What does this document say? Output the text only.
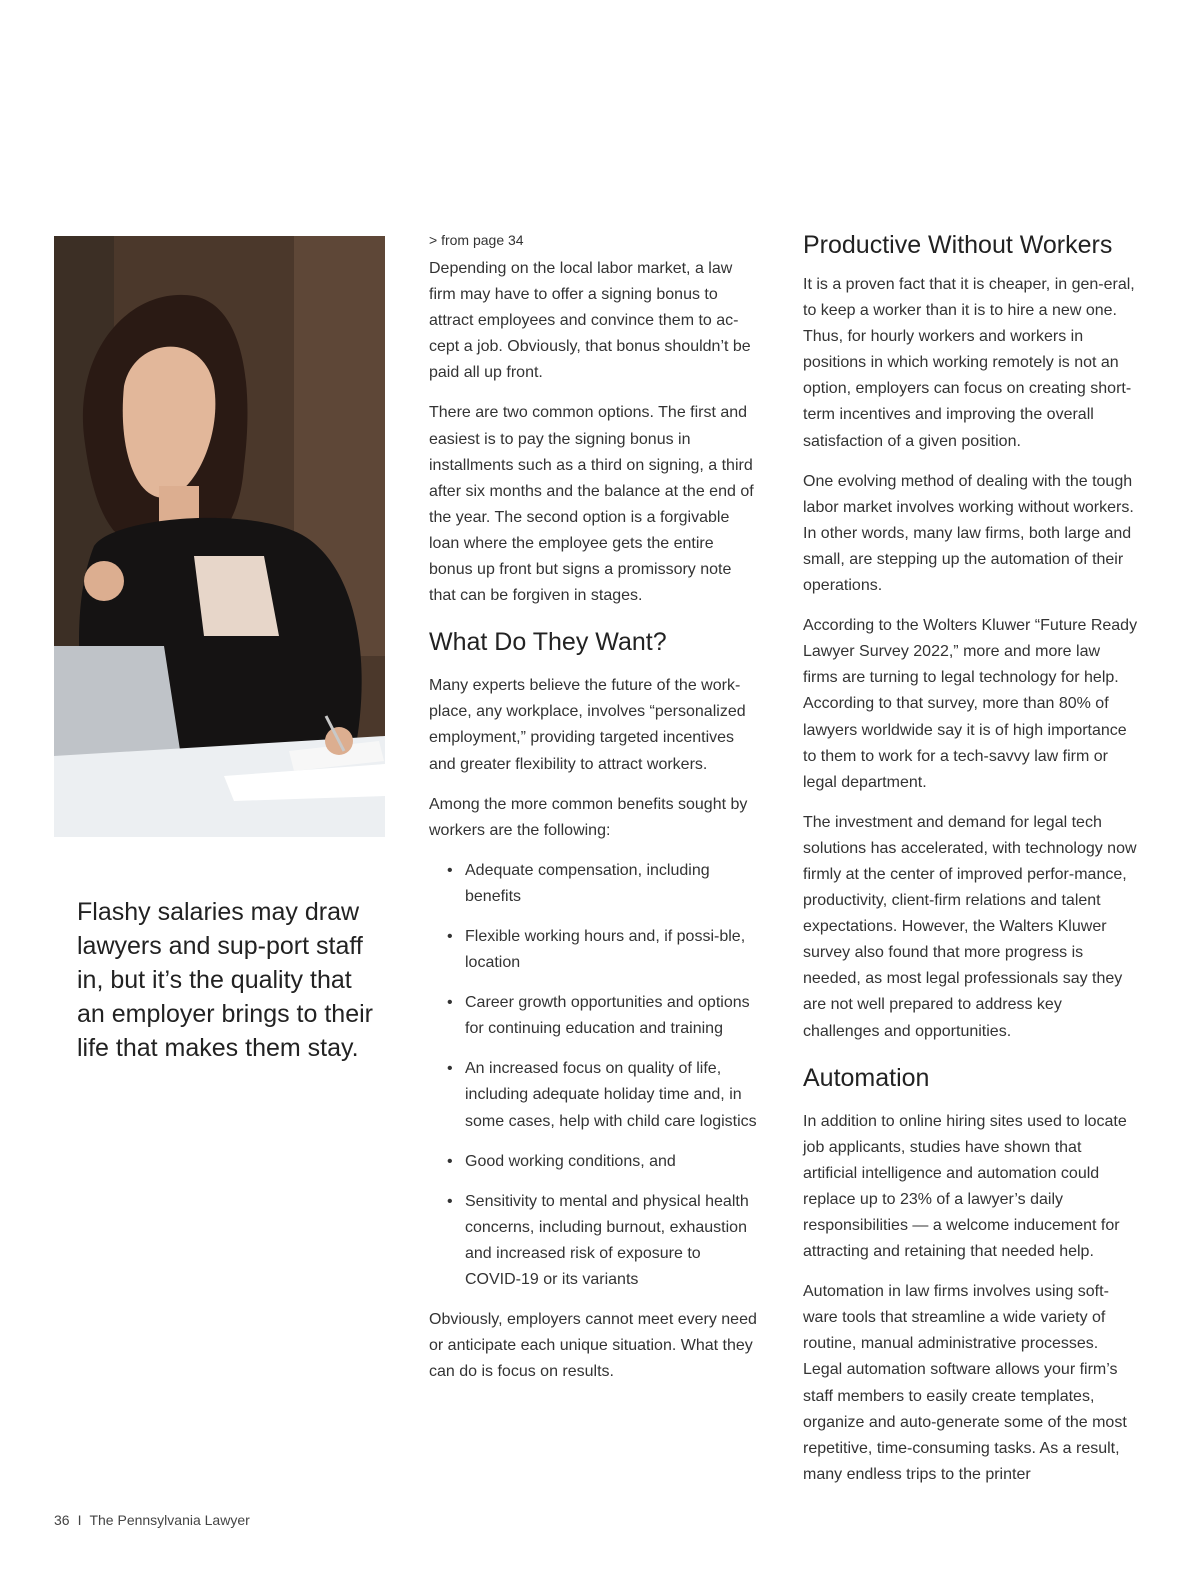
Flashy salaries may draw lawyers and sup-port staff in, but it’s the quality that an employer brings to their life that makes them stay.

> from page 34

Depending on the local labor market, a law firm may have to offer a signing bonus to attract employees and convince them to ac-cept a job. Obviously, that bonus shouldn’t be paid all up front.

There are two common options. The first and easiest is to pay the signing bonus in installments such as a third on signing, a third after six months and the balance at the end of the year. The second option is a forgivable loan where the employee gets the entire bonus up front but signs a promissory note that can be forgiven in stages.

What Do They Want?

Many experts believe the future of the work-place, any workplace, involves “personalized employment,” providing targeted incentives and greater flexibility to attract workers.

Among the more common benefits sought by workers are the following:

• Adequate compensation, including benefits
• Flexible working hours and, if possi-ble, location
• Career growth opportunities and options for continuing education and training
• An increased focus on quality of life, including adequate holiday time and, in some cases, help with child care logistics
• Good working conditions, and
• Sensitivity to mental and physical health concerns, including burnout, exhaustion and increased risk of exposure to COVID-19 or its variants

Obviously, employers cannot meet every need or anticipate each unique situation. What they can do is focus on results.

Productive Without Workers

It is a proven fact that it is cheaper, in gen-eral, to keep a worker than it is to hire a new one. Thus, for hourly workers and workers in positions in which working remotely is not an option, employers can focus on creating short-term incentives and improving the overall satisfaction of a given position.

One evolving method of dealing with the tough labor market involves working without workers. In other words, many law firms, both large and small, are stepping up the automation of their operations.

According to the Wolters Kluwer “Future Ready Lawyer Survey 2022,” more and more law firms are turning to legal technology for help. According to that survey, more than 80% of lawyers worldwide say it is of high importance to them to work for a tech-savvy law firm or legal department.

The investment and demand for legal tech solutions has accelerated, with technology now firmly at the center of improved perfor-mance, productivity, client-firm relations and talent expectations. However, the Walters Kluwer survey also found that more progress is needed, as most legal professionals say they are not well prepared to address key challenges and opportunities.

Automation

In addition to online hiring sites used to locate job applicants, studies have shown that artificial intelligence and automation could replace up to 23% of a lawyer’s daily responsibilities — a welcome inducement for attracting and retaining that needed help.

Automation in law firms involves using soft-ware tools that streamline a wide variety of routine, manual administrative processes. Legal automation software allows your firm’s staff members to easily create templates, organize and auto-generate some of the most repetitive, time-consuming tasks. As a result, many endless trips to the printer

36 I The Pennsylvania Lawyer
